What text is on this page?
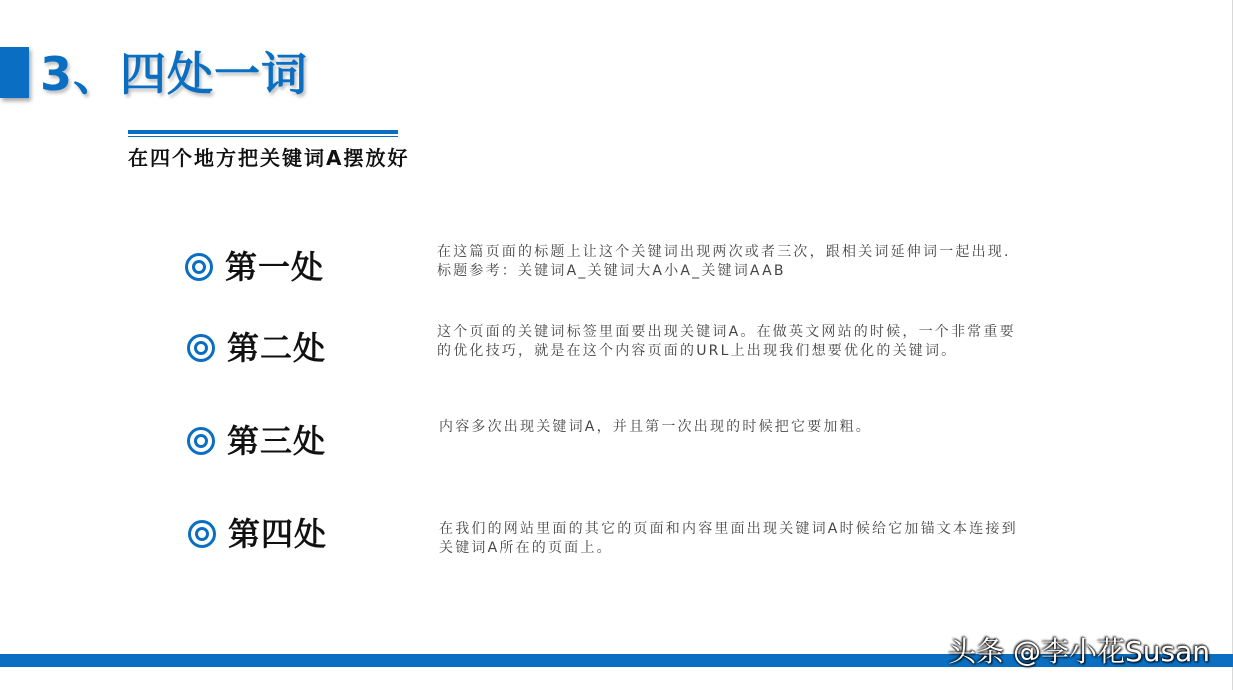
3、四处一词
在四个地方把关键词A摆放好
第一处	在这篇页面的标题上让这个关键词出现两次或者三次，跟相关词延伸词一起出现. 标题参考：关键词A_关键词大A小A_关键词AAB
第二处	这个页面的关键词标签里面要出现关键词A。在做英文网站的时候，一个非常重要的优化技巧，就是在这个内容页面的URL上出现我们想要优化的关键词。
第三处	内容多次出现关键词A，并且第一次出现的时候把它要加粗。
第四处	在我们的网站里面的其它的页面和内容里面出现关键词A时候给它加锚文本连接到关键词A所在的页面上。
头条 @李小花Susan
